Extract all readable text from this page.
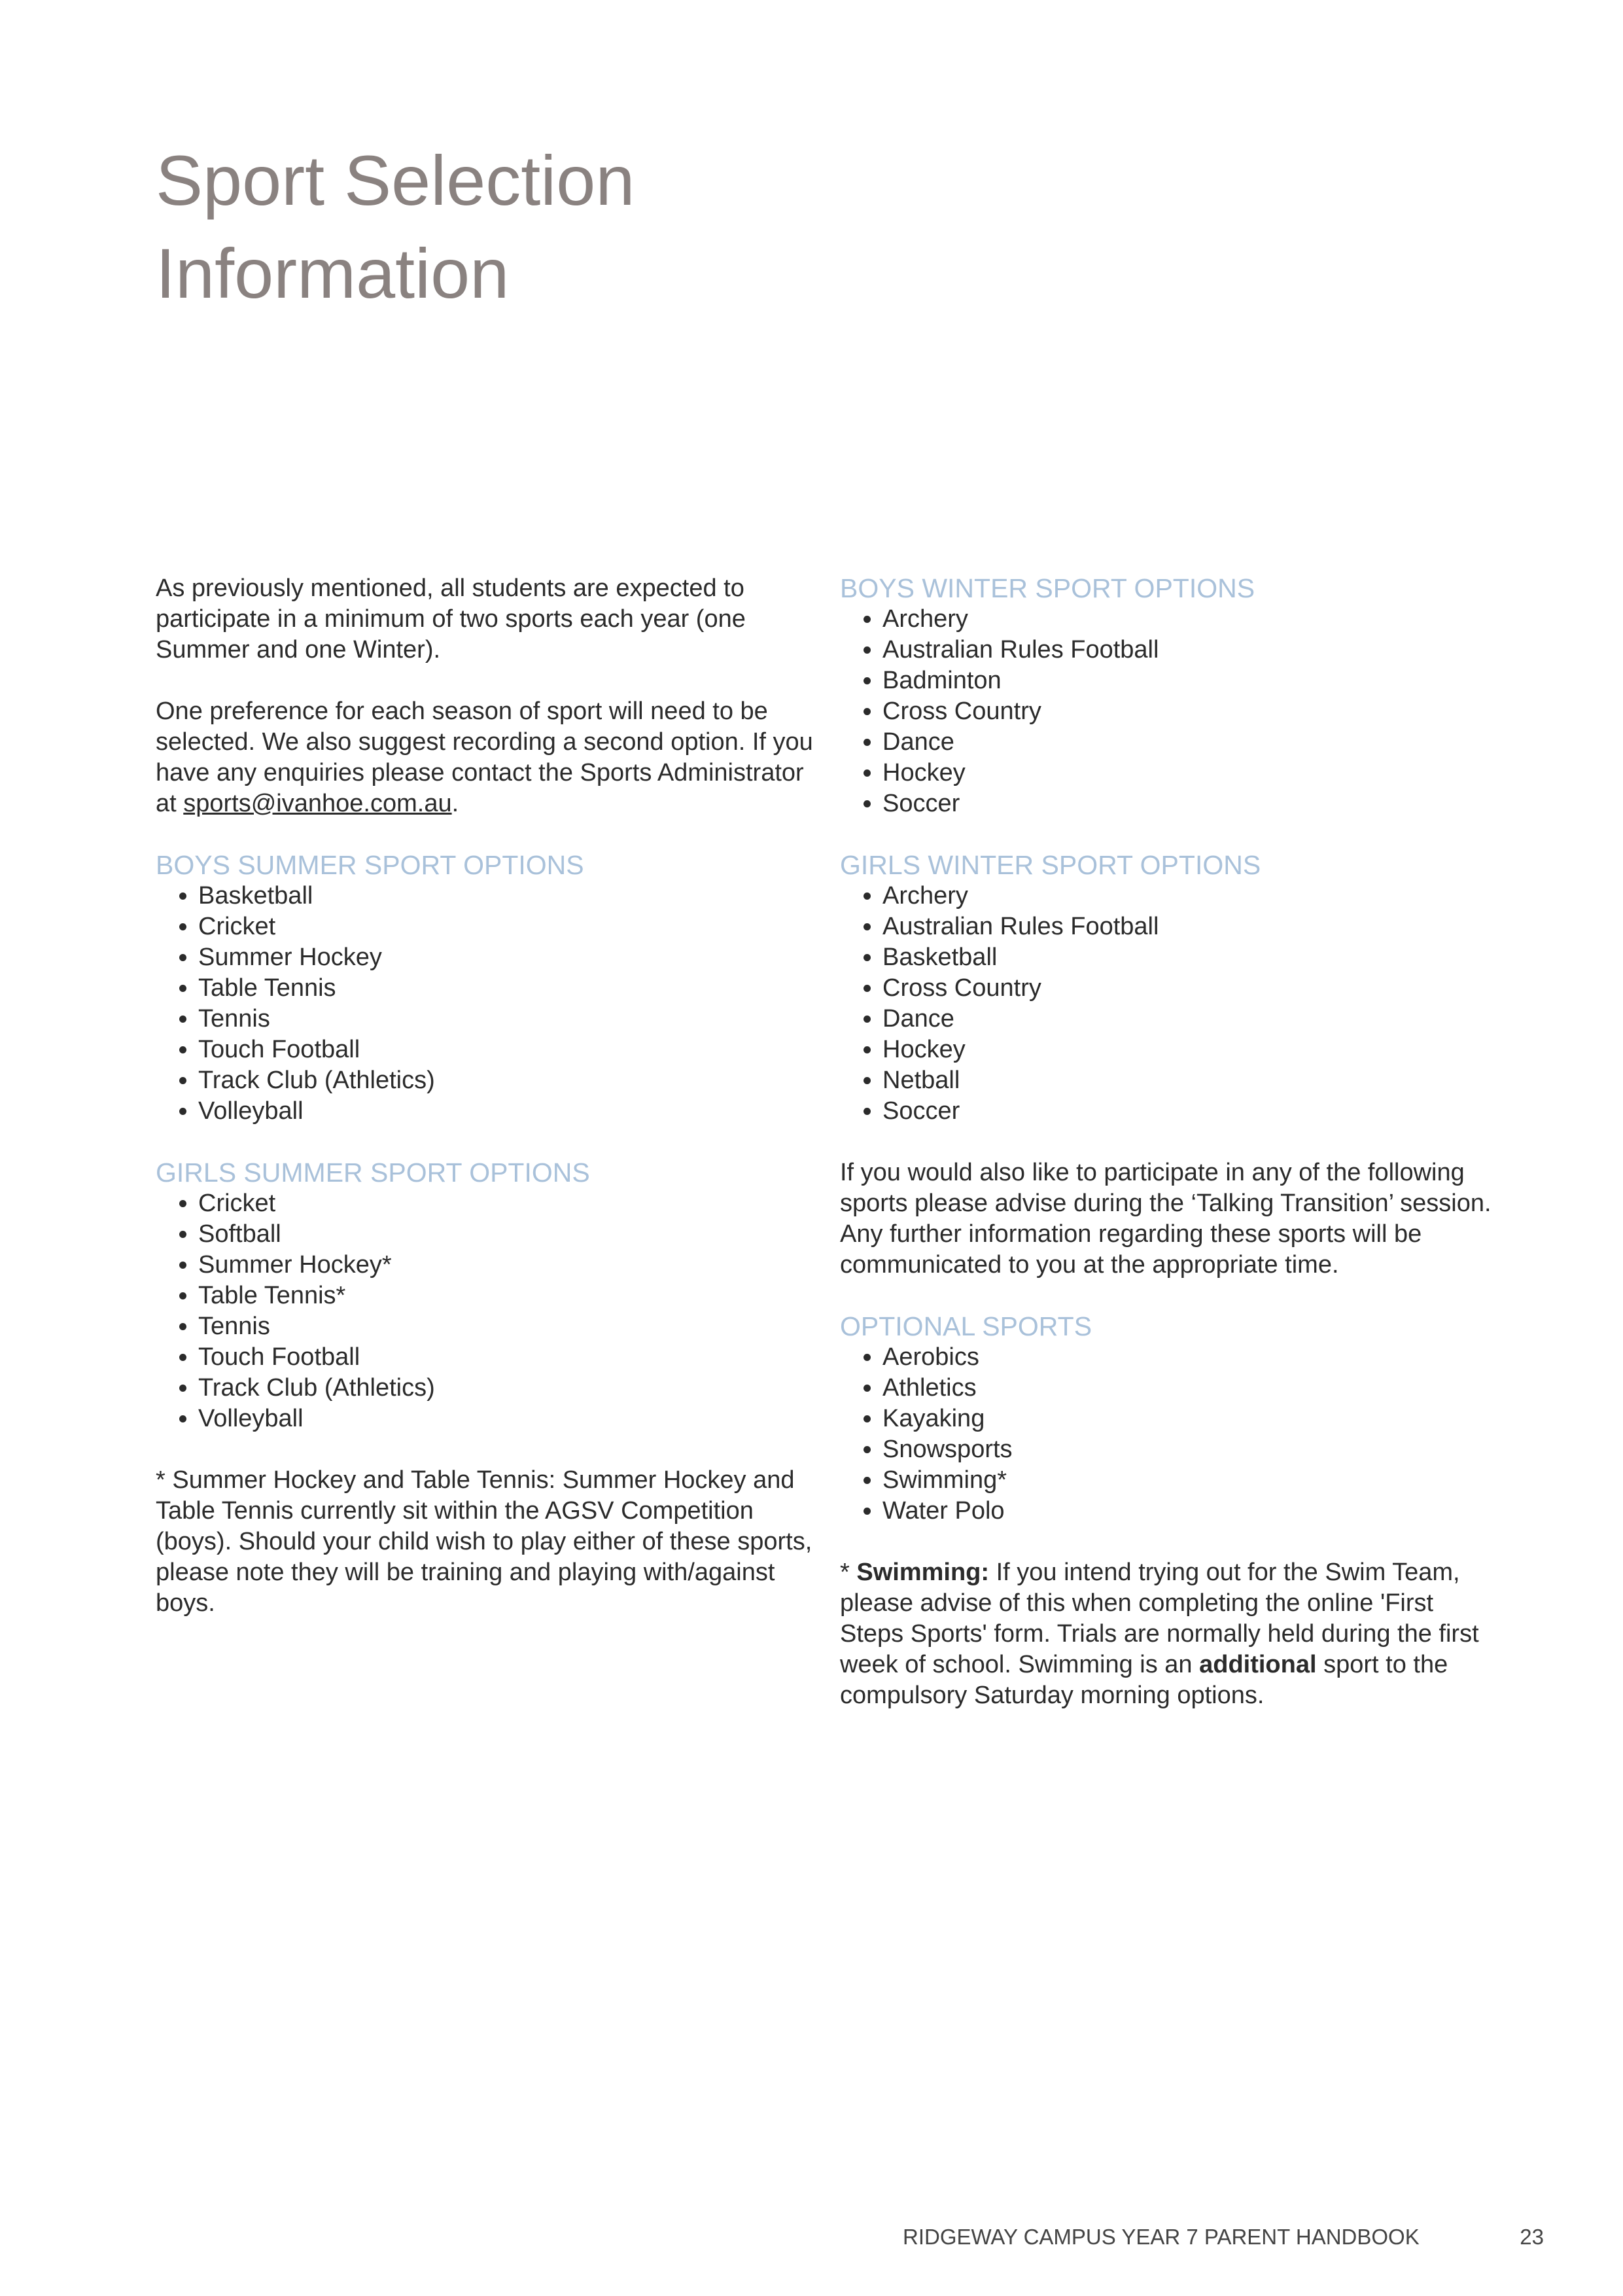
Sport Selection
Information

As previously mentioned, all students are expected to participate in a minimum of two sports each year (one Summer and one Winter).

One preference for each season of sport will need to be selected. We also suggest recording a second option. If you have any enquiries please contact the Sports Administrator at sports@ivanhoe.com.au.

BOYS SUMMER SPORT OPTIONS
• Basketball
• Cricket
• Summer Hockey
• Table Tennis
• Tennis
• Touch Football
• Track Club (Athletics)
• Volleyball
GIRLS SUMMER SPORT OPTIONS
• Cricket
• Softball
• Summer Hockey*
• Table Tennis*
• Tennis
• Touch Football
• Track Club (Athletics)
• Volleyball

* Summer Hockey and Table Tennis: Summer Hockey and Table Tennis currently sit within the AGSV Competition (boys). Should your child wish to play either of these sports, please note they will be training and playing with/against boys.

BOYS WINTER SPORT OPTIONS
• Archery
• Australian Rules Football
• Badminton
• Cross Country
• Dance
• Hockey
• Soccer
GIRLS WINTER SPORT OPTIONS
• Archery
• Australian Rules Football
• Basketball
• Cross Country
• Dance
• Hockey
• Netball
• Soccer

If you would also like to participate in any of the following sports please advise during the ‘Talking Transition’ session. Any further information regarding these sports will be communicated to you at the appropriate time.

OPTIONAL SPORTS
• Aerobics
• Athletics
• Kayaking
• Snowsports
• Swimming*
• Water Polo

* Swimming: If you intend trying out for the Swim Team, please advise of this when completing the online 'First Steps Sports' form. Trials are normally held during the first week of school. Swimming is an additional sport to the compulsory Saturday morning options.

RIDGEWAY CAMPUS YEAR 7 PARENT HANDBOOK	23
